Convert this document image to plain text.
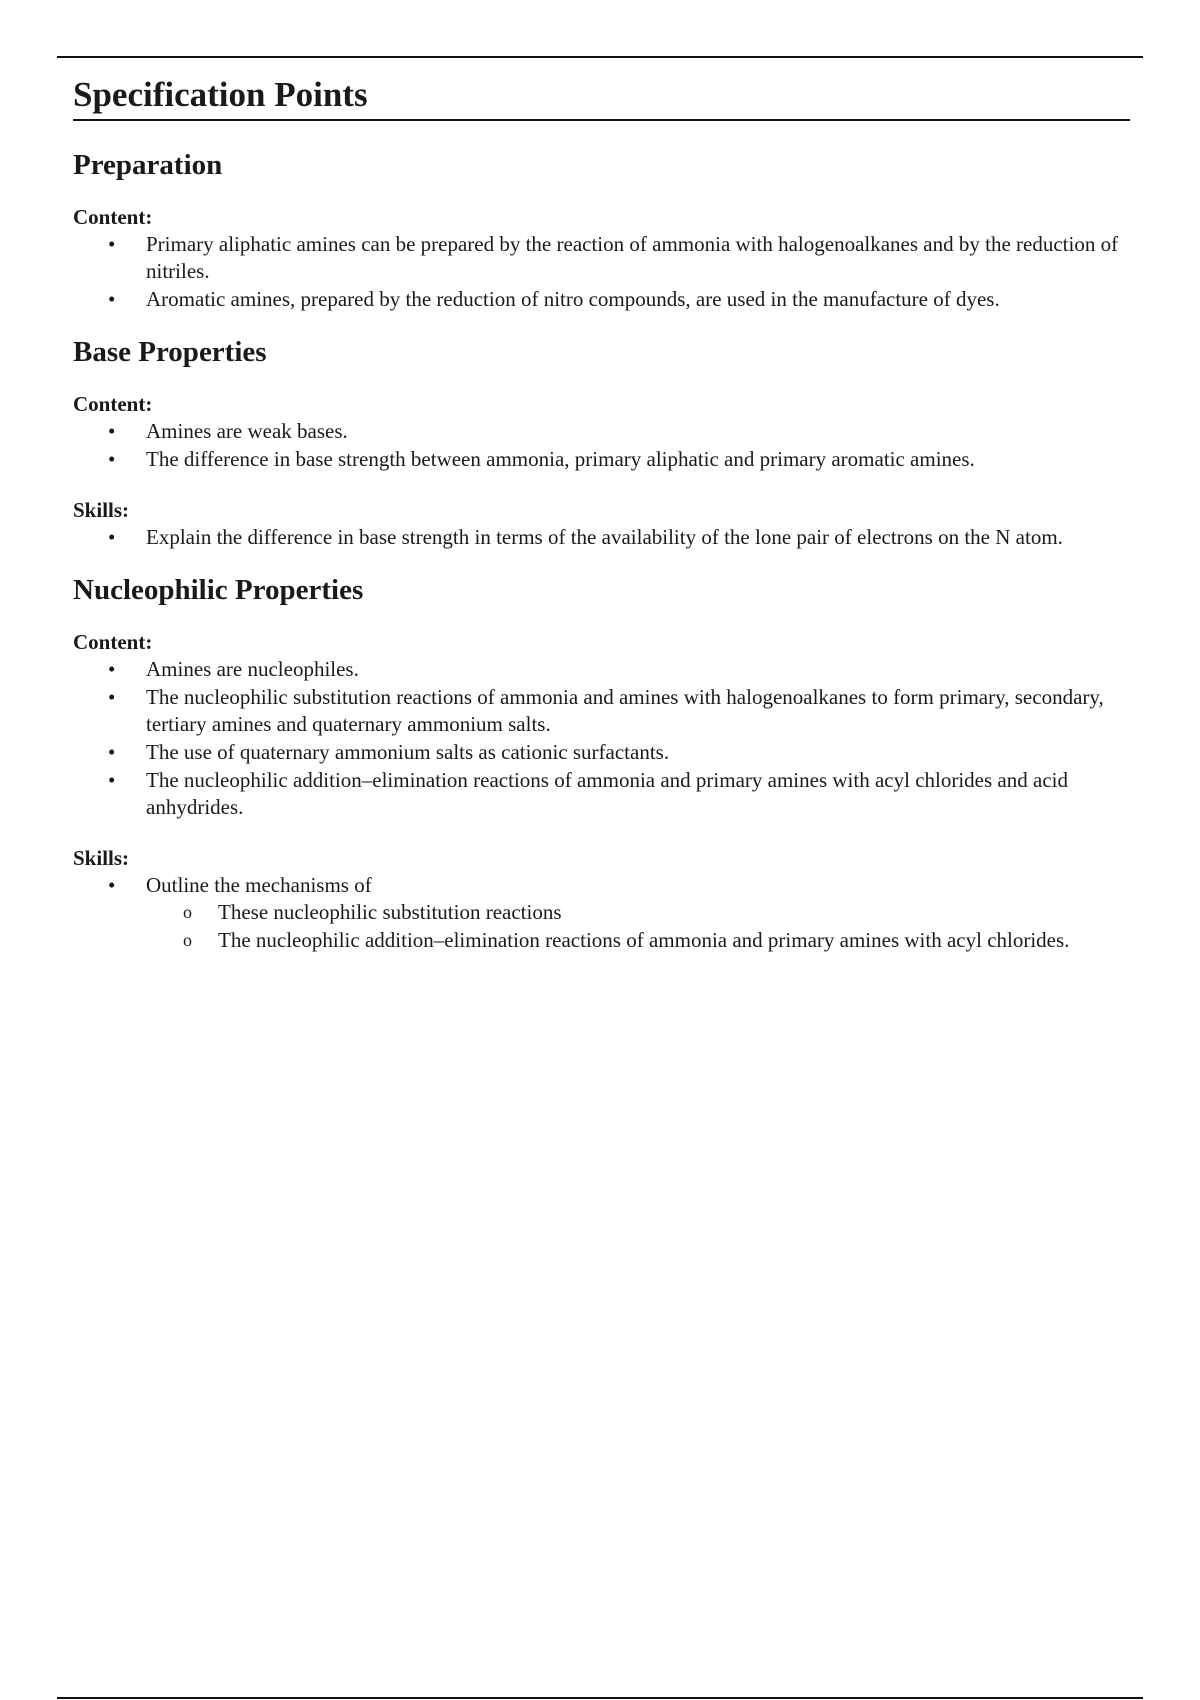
Specification Points
Preparation
Content:
•	Primary aliphatic amines can be prepared by the reaction of ammonia with halogenoalkanes and by the reduction of nitriles.
•	Aromatic amines, prepared by the reduction of nitro compounds, are used in the manufacture of dyes.
Base Properties
Content:
•	Amines are weak bases.
•	The difference in base strength between ammonia, primary aliphatic and primary aromatic amines.
Skills:
•	Explain the difference in base strength in terms of the availability of the lone pair of electrons on the N atom.
Nucleophilic Properties
Content:
•	Amines are nucleophiles.
•	The nucleophilic substitution reactions of ammonia and amines with halogenoalkanes to form primary, secondary, tertiary amines and quaternary ammonium salts.
•	The use of quaternary ammonium salts as cationic surfactants.
•	The nucleophilic addition–elimination reactions of ammonia and primary amines with acyl chlorides and acid anhydrides.
Skills:
•	Outline the mechanisms of
o These nucleophilic substitution reactions
o The nucleophilic addition–elimination reactions of ammonia and primary amines with acyl chlorides.
